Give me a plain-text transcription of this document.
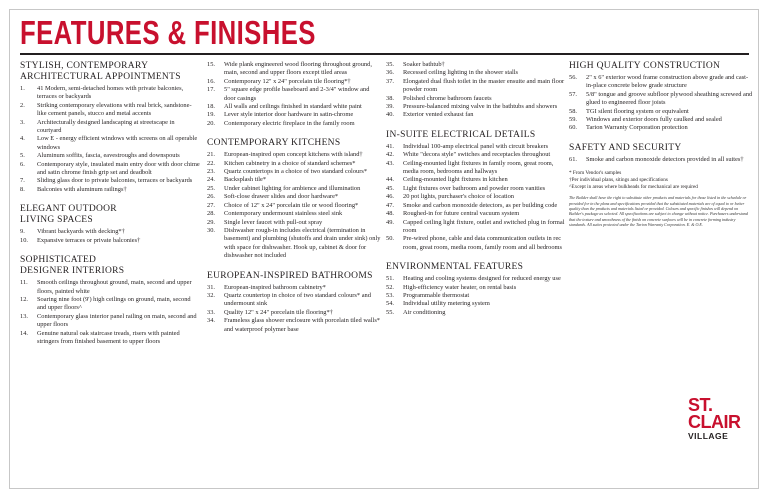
FEATURES & FINISHES
STYLISH, CONTEMPORARY
ARCHITECTURAL APPOINTMENTS
1.	41 Modern, semi-detached homes with private balconies, terraces or backyards
2.	Striking contemporary elevations with real brick, sandstone-like cement panels, stucco and metal accents
3.	Architecturally designed landscaping at streetscape in courtyard
4.	Low E - energy efficient windows with screens on all operable windows
5.	Aluminum soffits, fascia, eavestroughs and downspouts
6.	Contemporary style, insulated main entry door with door chime and satin chrome finish grip set and deadbolt
7.	Sliding glass door to private balconies, terraces or backyards
8.	Balconies with aluminum railings†
ELEGANT OUTDOOR
LIVING SPACES
9.	Vibrant backyards with decking*†
10.	Expansive terraces or private balconies†
SOPHISTICATED
DESIGNER INTERIORS
11.	Smooth ceilings throughout ground, main, second and upper floors, painted white
12.	Soaring nine foot (9') high ceilings on ground, main, second and upper floors^
13.	Contemporary glass interior panel railing on main, second and upper floors
14.	Genuine natural oak staircase treads, risers with painted stringers from finished basement to upper floors
15.	Wide plank engineered wood flooring throughout ground, main, second and upper floors except tiled areas
16.	Contemporary 12" x 24" porcelain tile flooring*†
17.	5" square edge profile baseboard and 2-3/4" window and door casings
18.	All walls and ceilings finished in standard white paint
19.	Lever style interior door hardware in satin-chrome
20.	Contemporary electric fireplace in the family room
CONTEMPORARY KITCHENS
21.	European-inspired open concept kitchens with island†
22.	Kitchen cabinetry in a choice of standard schemes*
23.	Quartz countertops in a choice of two standard colours*
24.	Backsplash tile*
25.	Under cabinet lighting for ambience and illumination
26.	Soft-close drawer slides and door hardware*
27.	Choice of 12" x 24" porcelain tile or wood flooring*
28.	Contemporary undermount stainless steel sink
29.	Single lever faucet with pull-out spray
30.	Dishwasher rough-in includes electrical (termination in basement) and plumbing (shutoffs and drain under sink) only with space for dishwasher. Hook up, cabinet & door for dishwasher not included
EUROPEAN-INSPIRED BATHROOMS
31.	European-inspired bathroom cabinetry*
32.	Quartz countertop in choice of two standard colours* and undermount sink
33.	Quality 12" x 24" porcelain tile flooring*†
34.	Frameless glass shower enclosure with porcelain tiled walls* and waterproof polymer base
35.	Soaker bathtub†
36.	Recessed ceiling lighting in the shower stalls
37.	Elongated dual flush toilet in the master ensuite and main floor powder room
38.	Polished chrome bathroom faucets
39.	Pressure-balanced mixing valve in the bathtubs and showers
40.	Exterior vented exhaust fan
IN-SUITE ELECTRICAL DETAILS
41.	Individual 100-amp electrical panel with circuit breakers
42.	White "decora style" switches and receptacles throughout
43.	Ceiling-mounted light fixtures in family room, great room, media room, bedrooms and hallways
44.	Ceiling-mounted light fixtures in kitchen
45.	Light fixtures over bathroom and powder room vanities
46.	20 pot lights, purchaser's choice of location
47.	Smoke and carbon monoxide detectors, as per building code
48.	Roughed-in for future central vacuum system
49.	Capped ceiling light fixture, outlet and switched plug in formal room
50.	Pre-wired phone, cable and data communication outlets in rec room, great room, media room, family room and all bedrooms
ENVIRONMENTAL FEATURES
51.	Heating and cooling systems designed for reduced energy use
52.	High-efficiency water heater, on rental basis
53.	Programmable thermostat
54.	Individual utility metering system
55.	Air conditioning
HIGH QUALITY CONSTRUCTION
56.	2" x 6" exterior wood frame construction above grade and cast-in-place concrete below grade structure
57.	5/8" tongue and groove subfloor plywood sheathing screwed and glued to engineered floor joists
58.	TGI silent flooring system or equivalent
59.	Windows and exterior doors fully caulked and sealed
60.	Tarion Warranty Corporation protection
SAFETY AND SECURITY
61.	Smoke and carbon monoxide detectors provided in all suites†

* From Vendor's samples

†Per individual plans, sitings and specifications

^Except in areas where bulkheads for mechanical are required

The Builder shall have the right to substitute other products and materials for those listed in the schedule or provided for in the plans and specifications provided that the substituted materials are of equal to or better quality than the products and materials listed or provided. Colours and specific finishes will depend on Builder's package as selected. All specifications are subject to change without notice. Purchasers understand that the texture and smoothness of the finish on concrete surfaces will be in concrete forming industry standards. All suites protected under the Tarion Warranty Corporation. E. & O.E.

ST.
CLAIR
VILLAGE
